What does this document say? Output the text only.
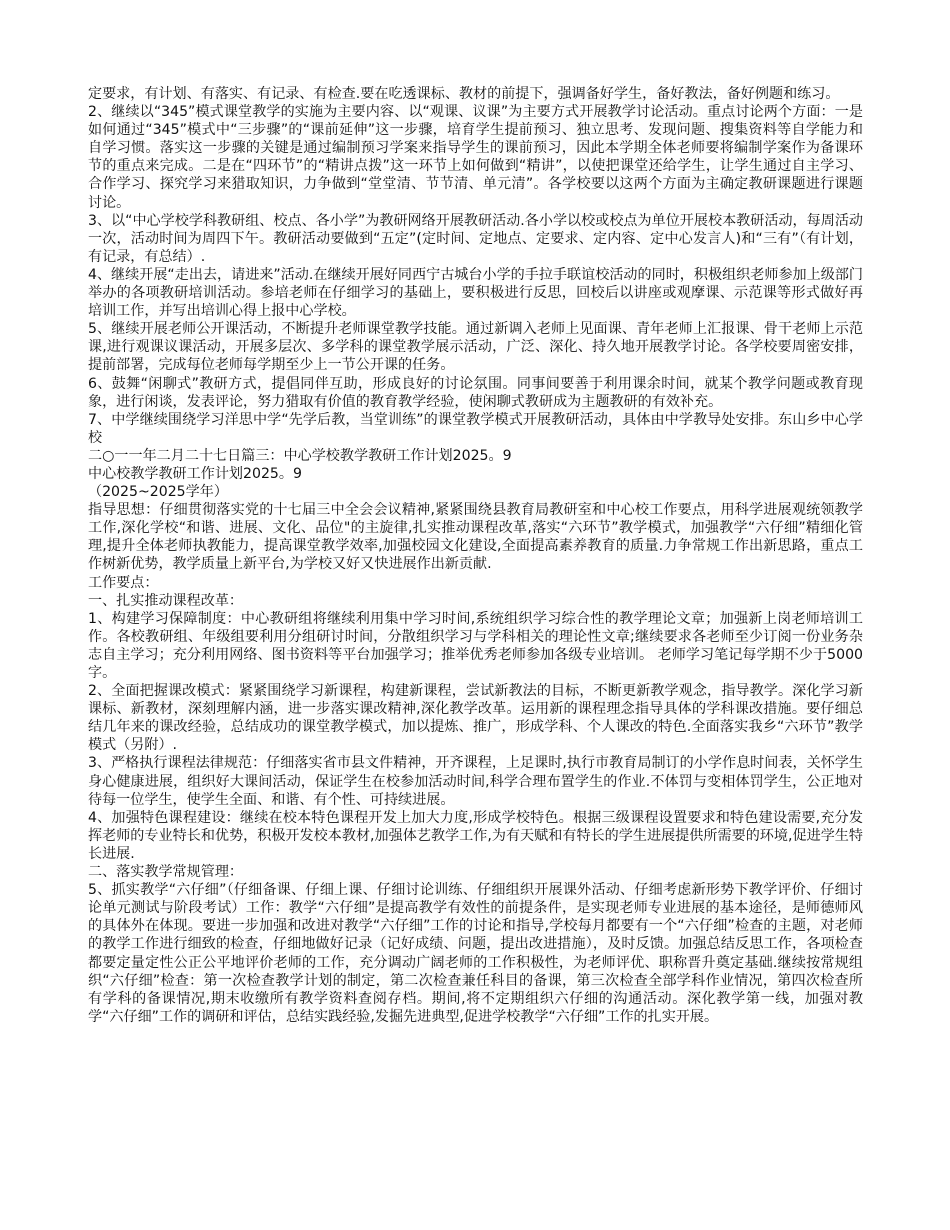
定要求，有计划、有落实、有记录、有检查.要在吃透课标、教材的前提下，强调备好学生，备好教法，备好例题和练习。

2、继续以“345”模式课堂教学的实施为主要内容、以“观课、议课”为主要方式开展教学讨论活动。重点讨论两个方面：一是如何通过“345”模式中“三步骤”的“课前延伸”这一步骤，培育学生提前预习、独立思考、发现问题、搜集资料等自学能力和自学习惯。落实这一步骤的关键是通过编制预习学案来指导学生的课前预习，因此本学期全体老师要将编制学案作为备课环节的重点来完成。二是在“四环节”的“精讲点拨”这一环节上如何做到“精讲”，以使把课堂还给学生，让学生通过自主学习、合作学习、探究学习来猎取知识，力争做到“堂堂清、节节清、单元清”。各学校要以这两个方面为主确定教研课题进行课题讨论。

3、以“中心学校学科教研组、校点、各小学”为教研网络开展教研活动.各小学以校或校点为单位开展校本教研活动，每周活动一次，活动时间为周四下午。教研活动要做到“五定”(定时间、定地点、定要求、定内容、定中心发言人)和“三有”（有计划，有记录，有总结）.

4、继续开展“走出去，请进来”活动.在继续开展好同西宁古城台小学的手拉手联谊校活动的同时，积极组织老师参加上级部门举办的各项教研培训活动。参培老师在仔细学习的基础上，要积极进行反思，回校后以讲座或观摩课、示范课等形式做好再培训工作，并写出培训心得上报中心学校。

5、继续开展老师公开课活动，不断提升老师课堂教学技能。通过新调入老师上见面课、青年老师上汇报课、骨干老师上示范课,进行观课议课活动，开展多层次、多学科的课堂教学展示活动，广泛、深化、持久地开展教学讨论。各学校要周密安排，提前部署，完成每位老师每学期至少上一节公开课的任务。

6、鼓舞“闲聊式”教研方式，提倡同伴互助，形成良好的讨论氛围。同事间要善于利用课余时间，就某个教学问题或教育现象，进行闲谈，发表评论，努力猎取有价值的教育教学经验，使闲聊式教研成为主题教研的有效补充。

7、中学继续围绕学习洋思中学“先学后教，当堂训练”的课堂教学模式开展教研活动，具体由中学教导处安排。东山乡中心学校

二○一一年二月二十七日篇三：中心学校教学教研工作计划2025。9

中心校教学教研工作计划2025。9

（2025~2025学年）

指导思想：仔细贯彻落实党的十七届三中全会会议精神,紧紧围绕县教育局教研室和中心校工作要点，用科学进展观统领教学工作,深化学校“和谐、进展、文化、品位"的主旋律,扎实推动课程改革,落实“六环节”教学模式，加强教学“六仔细”精细化管理,提升全体老师执教能力，提高课堂教学效率,加强校园文化建设,全面提高素养教育的质量.力争常规工作出新思路，重点工作树新优势，教学质量上新平台,为学校又好又快进展作出新贡献.

工作要点：

一、扎实推动课程改革：

1、构建学习保障制度：中心教研组将继续利用集中学习时间,系统组织学习综合性的教学理论文章；加强新上岗老师培训工作。各校教研组、年级组要利用分组研讨时间，分散组织学习与学科相关的理论性文章;继续要求各老师至少订阅一份业务杂志自主学习；充分利用网络、图书资料等平台加强学习；推举优秀老师参加各级专业培训。 老师学习笔记每学期不少于5000字。

2、全面把握课改模式：紧紧围绕学习新课程，构建新课程，尝试新教法的目标，不断更新教学观念，指导教学。深化学习新课标、新教材，深刻理解内涵，进一步落实课改精神,深化教学改革。运用新的课程理念指导具体的学科课改措施。要仔细总结几年来的课改经验，总结成功的课堂教学模式，加以提炼、推广，形成学科、个人课改的特色.全面落实我乡“六环节”教学模式（另附）.

3、严格执行课程法律规范：仔细落实省市县文件精神，开齐课程，上足课时,执行市教育局制订的小学作息时间表，关怀学生身心健康进展，组织好大课间活动，保证学生在校参加活动时间,科学合理布置学生的作业.不体罚与变相体罚学生，公正地对待每一位学生，使学生全面、和谐、有个性、可持续进展。

4、加强特色课程建设：继续在校本特色课程开发上加大力度,形成学校特色。根据三级课程设置要求和特色建设需要,充分发挥老师的专业特长和优势，积极开发校本教材,加强体艺教学工作,为有天赋和有特长的学生进展提供所需要的环境,促进学生特长进展.

二、落实教学常规管理：

5、抓实教学“六仔细”（仔细备课、仔细上课、仔细讨论训练、仔细组织开展课外活动、仔细考虑新形势下教学评价、仔细讨论单元测试与阶段考试）工作：教学“六仔细”是提高教学有效性的前提条件，是实现老师专业进展的基本途径，是师德师风的具体外在体现。要进一步加强和改进对教学“六仔细”工作的讨论和指导,学校每月都要有一个“六仔细”检查的主题，对老师的教学工作进行细致的检查，仔细地做好记录（记好成绩、问题，提出改进措施），及时反馈。加强总结反思工作，各项检查都要定量定性公正公平地评价老师的工作，充分调动广阔老师的工作积极性，为老师评优、职称晋升奠定基础.继续按常规组织“六仔细”检查：第一次检查教学计划的制定，第二次检查兼任科目的备课，第三次检查全部学科作业情况，第四次检查所有学科的备课情况,期末收缴所有教学资料查阅存档。期间,将不定期组织六仔细的沟通活动。深化教学第一线，加强对教学“六仔细”工作的调研和评估，总结实践经验,发掘先进典型,促进学校教学“六仔细”工作的扎实开展。
